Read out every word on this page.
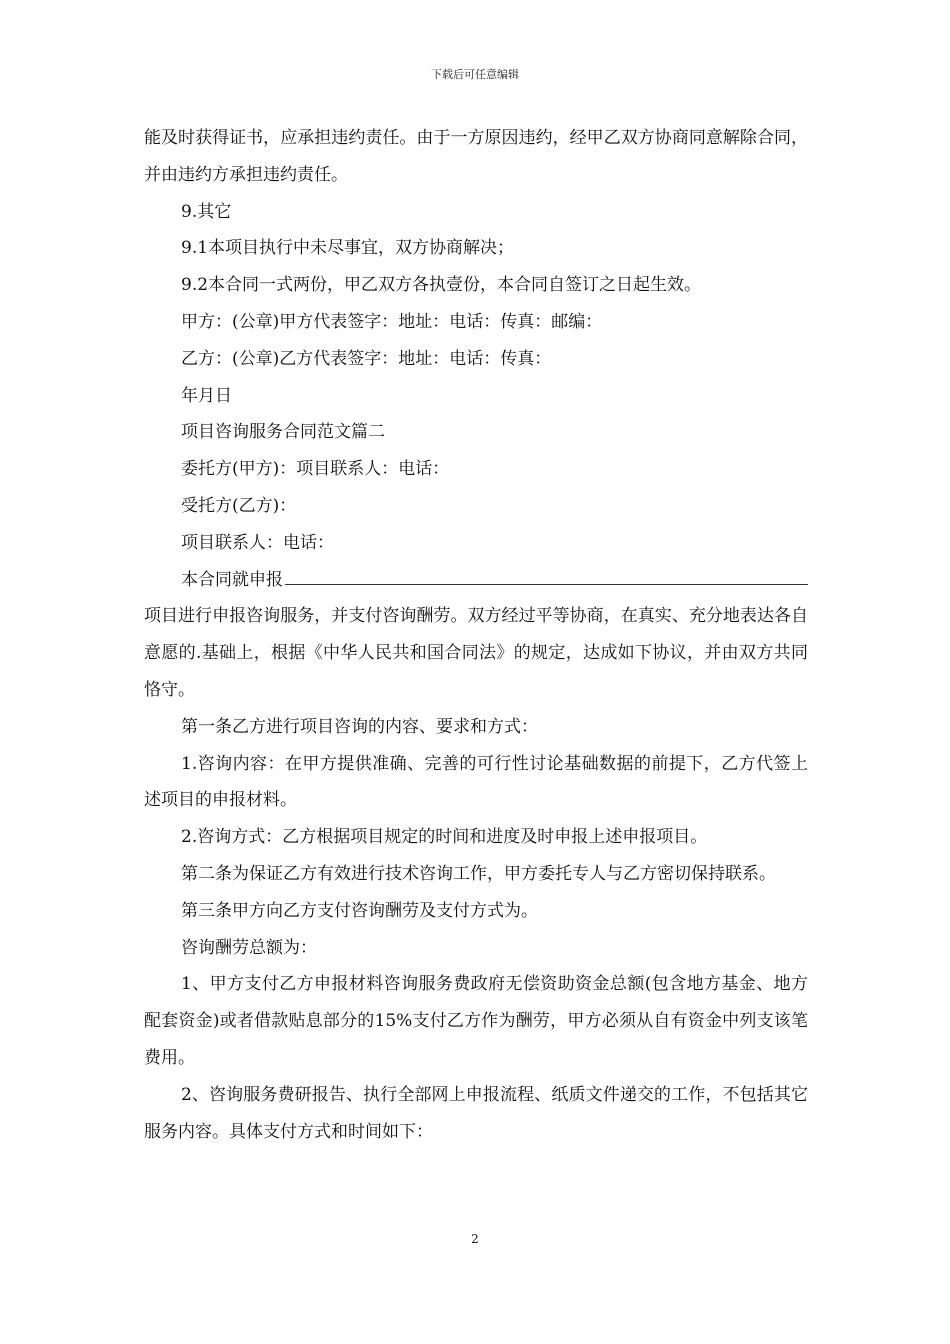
下载后可任意编辑

能及时获得证书，应承担违约责任。由于一方原因违约，经甲乙双方协商同意解除合同，并由违约方承担违约责任。

9.其它

9.1本项目执行中未尽事宜，双方协商解决；

9.2本合同一式两份，甲乙双方各执壹份，本合同自签订之日起生效。

甲方：(公章)甲方代表签字：地址：电话：传真：邮编：

乙方：(公章)乙方代表签字：地址：电话：传真：

年月日

项目咨询服务合同范文篇二

委托方(甲方)：项目联系人：电话：

受托方(乙方)：

项目联系人：电话：

本合同就申报

项目进行申报咨询服务，并支付咨询酬劳。双方经过平等协商，在真实、充分地表达各自意愿的.基础上，根据《中华人民共和国合同法》的规定，达成如下协议，并由双方共同恪守。

第一条乙方进行项目咨询的内容、要求和方式：

1.咨询内容：在甲方提供准确、完善的可行性讨论基础数据的前提下，乙方代签上述项目的申报材料。

2.咨询方式：乙方根据项目规定的时间和进度及时申报上述申报项目。

第二条为保证乙方有效进行技术咨询工作，甲方委托专人与乙方密切保持联系。

第三条甲方向乙方支付咨询酬劳及支付方式为。

咨询酬劳总额为：

1、甲方支付乙方申报材料咨询服务费政府无偿资助资金总额(包含地方基金、地方配套资金)或者借款贴息部分的15%支付乙方作为酬劳，甲方必须从自有资金中列支该笔费用。

2、咨询服务费研报告、执行全部网上申报流程、纸质文件递交的工作，不包括其它服务内容。具体支付方式和时间如下：

2
